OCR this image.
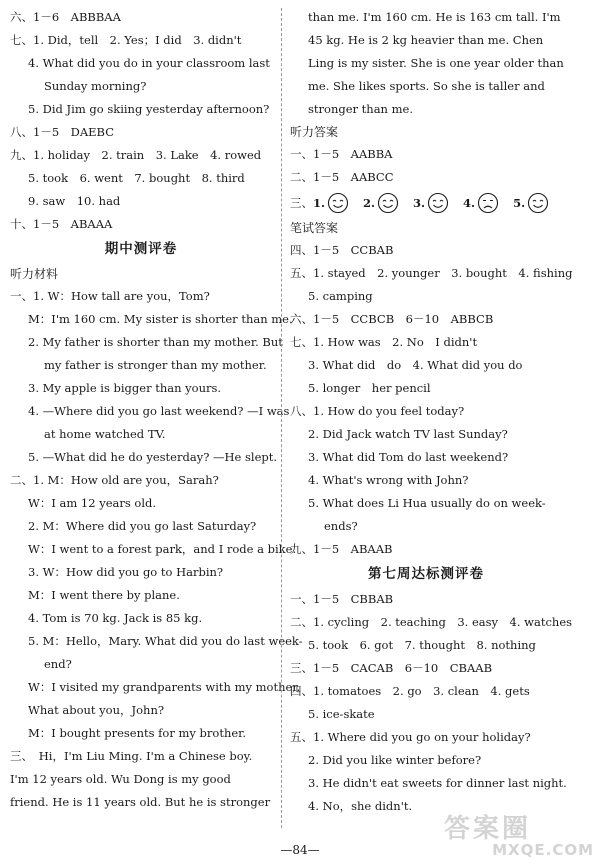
六、1－6　ABBBAA
七、1. Did，tell　2. Yes；I did　3. didn't
4. What did you do in your classroom last
Sunday morning?
5. Did Jim go skiing yesterday afternoon?
八、1－5　DAEBC
九、1. holiday　2. train　3. Lake　4. rowed
5. took　6. went　7. bought　8. third
9. saw　10. had
十、1－5　ABAAA
期中测评卷
听力材料
一、1. W：How tall are you，Tom?
M：I'm 160 cm. My sister is shorter than me.
2. My father is shorter than my mother. But
my father is stronger than my mother.
3. My apple is bigger than yours.
4. —Where did you go last weekend? —I was
at home watched TV.
5. —What did he do yesterday? —He slept.
二、1. M：How old are you，Sarah?
W：I am 12 years old.
2. M：Where did you go last Saturday?
W：I went to a forest park，and I rode a bike.
3. W：How did you go to Harbin?
M：I went there by plane.
4. Tom is 70 kg. Jack is 85 kg.
5. M：Hello，Mary. What did you do last week-
end?
W：I visited my grandparents with my mother.
What about you，John?
M：I bought presents for my brother.
三、　Hi，I'm Liu Ming. I'm a Chinese boy.
I'm 12 years old. Wu Dong is my good
friend. He is 11 years old. But he is stronger
than me. I'm 160 cm. He is 163 cm tall. I'm
45 kg. He is 2 kg heavier than me. Chen
Ling is my sister. She is one year older than
me. She likes sports. So she is taller and
stronger than me.
听力答案
一、1－5　AABBA
二、1－5　AABCC
三、 1.	2.	3.	4.	5.
笔试答案
四、1－5　CCBAB
五、1. stayed　2. younger　3. bought　4. fishing
5. camping
六、1－5　CCBCB　6－10　ABBCB
七、1. How was　2. No　I didn't
3. What did　do　4. What did you do
5. longer　her pencil
八、1. How do you feel today?
2. Did Jack watch TV last Sunday?
3. What did Tom do last weekend?
4. What's wrong with John?
5. What does Li Hua usually do on week-
ends?
九、1－5　ABAAB
第七周达标测评卷
一、1－5　CBBAB
二、1. cycling　2. teaching　3. easy　4. watches
5. took　6. got　7. thought　8. nothing
三、1－5　CACAB　6－10　CBAAB
四、1. tomatoes　2. go　3. clean　4. gets
5. ice-skate
五、1. Where did you go on your holiday?
2. Did you like winter before?
3. He didn't eat sweets for dinner last night.
4. No，she didn't.
—84—
答案圈
MXQE.COM
